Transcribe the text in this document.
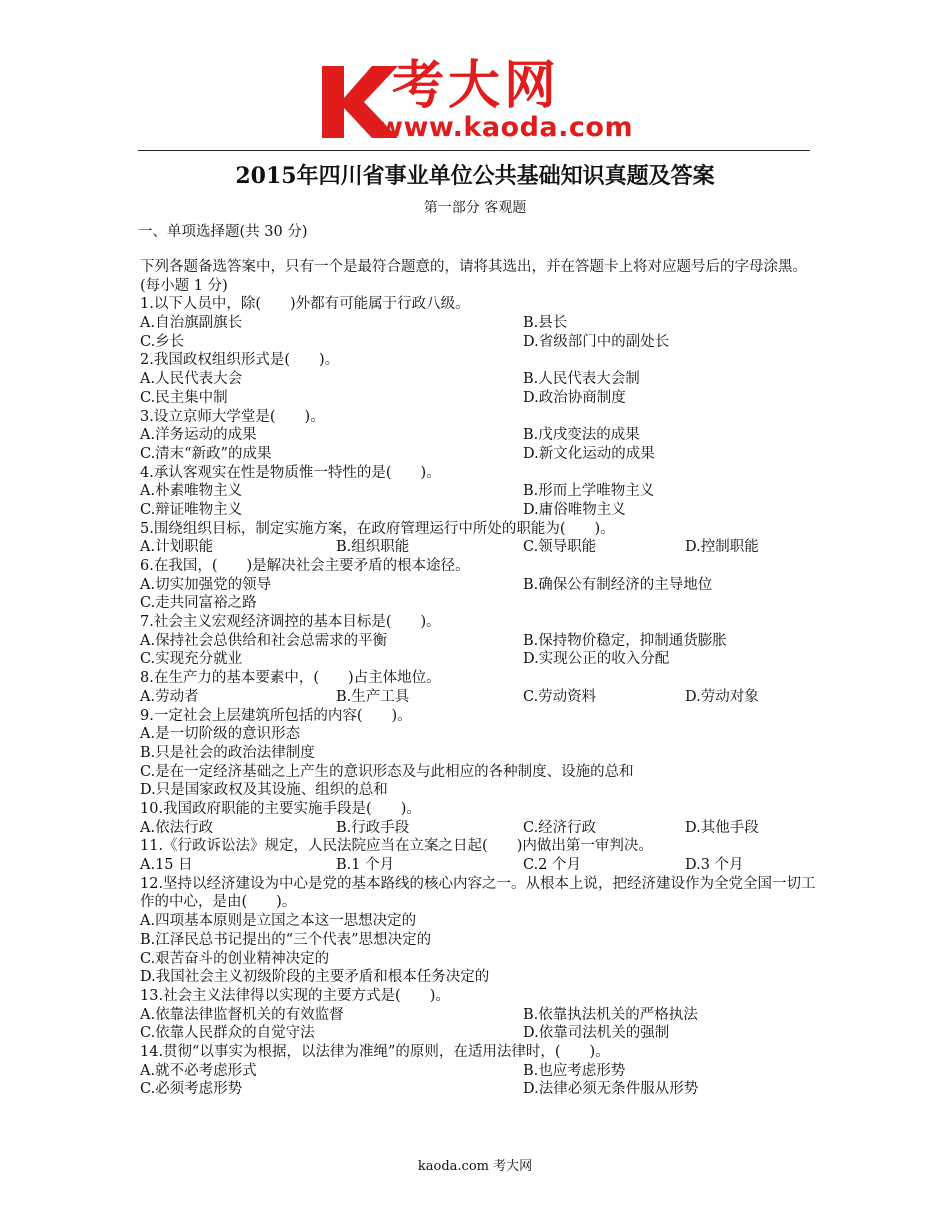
考大网
www.kaoda.com
2015年四川省事业单位公共基础知识真题及答案
第一部分 客观题
一、单项选择题(共 30 分)
下列各题备选答案中，只有一个是最符合题意的，请将其选出，并在答题卡上将对应题号后的字母涂黑。(每小题 1 分)
1.以下人员中，除(　　)外都有可能属于行政八级。
A.自治旗副旗长	B.县长
C.乡长	D.省级部门中的副处长
2.我国政权组织形式是(　　)。
A.人民代表大会	B.人民代表大会制
C.民主集中制	D.政治协商制度
3.设立京师大学堂是(　　)。
A.洋务运动的成果	B.戊戌变法的成果
C.清末“新政”的成果	D.新文化运动的成果
4.承认客观实在性是物质惟一特性的是(　　)。
A.朴素唯物主义	B.形而上学唯物主义
C.辩证唯物主义	D.庸俗唯物主义
5.围绕组织目标，制定实施方案，在政府管理运行中所处的职能为(　　)。
A.计划职能	B.组织职能	C.领导职能	D.控制职能
6.在我国，(　　)是解决社会主要矛盾的根本途径。
A.切实加强党的领导	B.确保公有制经济的主导地位
C.走共同富裕之路
7.社会主义宏观经济调控的基本目标是(　　)。
A.保持社会总供给和社会总需求的平衡	B.保持物价稳定，抑制通货膨胀
C.实现充分就业	D.实现公正的收入分配
8.在生产力的基本要素中，(　　)占主体地位。
A.劳动者	B.生产工具	C.劳动资料	D.劳动对象
9.一定社会上层建筑所包括的内容(　　)。
A.是一切阶级的意识形态
B.只是社会的政治法律制度
C.是在一定经济基础之上产生的意识形态及与此相应的各种制度、设施的总和
D.只是国家政权及其设施、组织的总和
10.我国政府职能的主要实施手段是(　　)。
A.依法行政	B.行政手段	C.经济行政	D.其他手段
11.《行政诉讼法》规定，人民法院应当在立案之日起(　　)内做出第一审判决。
A.15 日	B.1 个月	C.2 个月	D.3 个月
12.坚持以经济建设为中心是党的基本路线的核心内容之一。从根本上说，把经济建设作为全党全国一切工作的中心，是由(　　)。
A.四项基本原则是立国之本这一思想决定的
B.江泽民总书记提出的“三个代表”思想决定的
C.艰苦奋斗的创业精神决定的
D.我国社会主义初级阶段的主要矛盾和根本任务决定的
13.社会主义法律得以实现的主要方式是(　　)。
A.依靠法律监督机关的有效监督	B.依靠执法机关的严格执法
C.依靠人民群众的自觉守法	D.依靠司法机关的强制
14.贯彻“以事实为根据，以法律为准绳”的原则，在适用法律时，(　　)。
A.就不必考虑形式	B.也应考虑形势
C.必须考虑形势	D.法律必须无条件服从形势
kaoda.com 考大网
